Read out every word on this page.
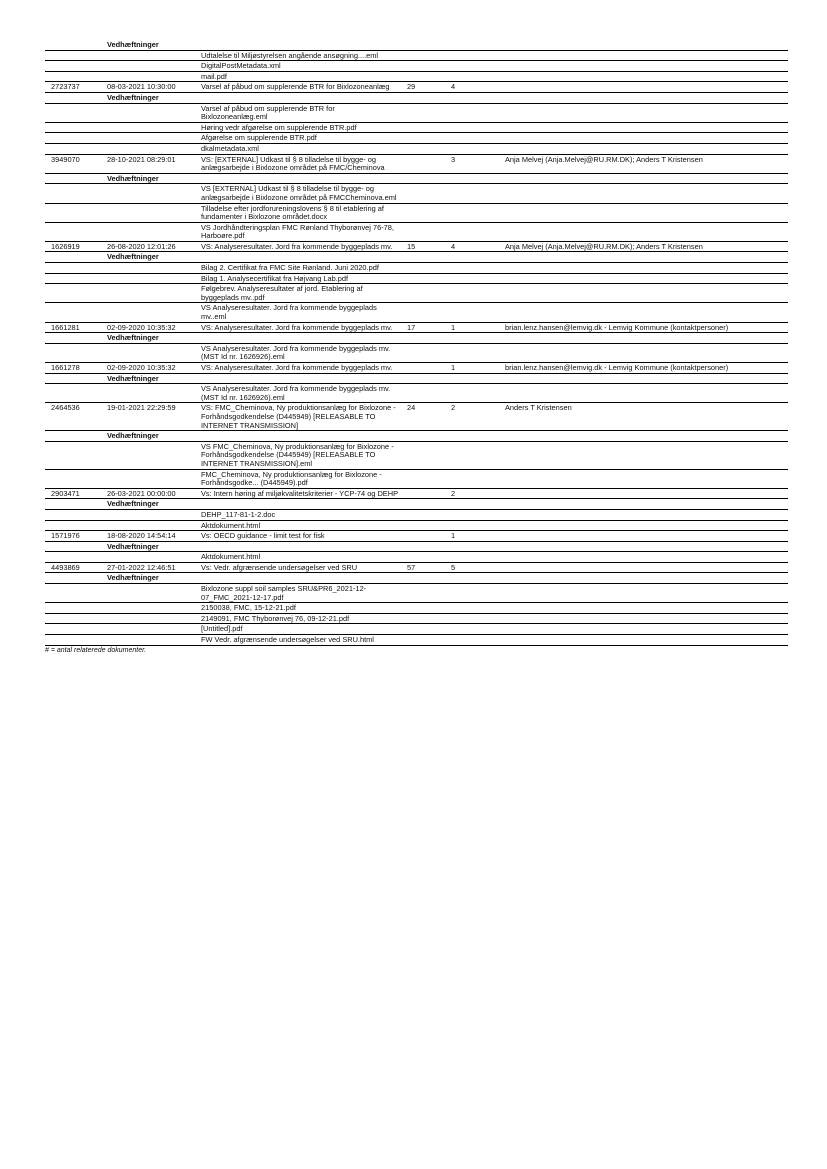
	Vedhæftninger				
		Udtalelse til Miljøstyrelsen angående ansøgning....eml			
		DigitalPostMetadata.xml			
		mail.pdf			
2723737	08-03-2021 10:30:00	Varsel af påbud om supplerende BTR for Bixlozoneanlæg	29	4	
	Vedhæftninger				
		Varsel af påbud om supplerende BTR for Bixlozoneanlæg.eml			
		Høring vedr afgørelse om supplerende BTR.pdf			
		Afgørelse om supplerende BTR.pdf			
		dkalmetadata.xml			
3949070	28-10-2021 08:29:01	VS: [EXTERNAL] Udkast til § 8 tilladelse til bygge- og anlægsarbejde i Bixlozone området på FMC/Cheminova		3	Anja Melvej (Anja.Melvej@RU.RM.DK); Anders T Kristensen
	Vedhæftninger				
		VS [EXTERNAL] Udkast til § 8 tilladelse til bygge- og anlægsarbejde i Bixlozone området på FMCCheminova.eml			
		Tilladelse efter jordforureningslovens § 8 til etablering af fundamenter i Bixlozone området.docx			
		VS Jordhåndteringsplan FMC Rønland Thyborønvej 76-78, Harboøre.pdf			
1626919	26-08-2020 12:01:26	VS: Analyseresultater. Jord fra kommende byggeplads mv.	15	4	Anja Melvej (Anja.Melvej@RU.RM.DK); Anders T Kristensen
	Vedhæftninger				
		Bilag 2. Certifikat fra FMC Site Rønland. Juni 2020.pdf			
		Bilag 1. Analysecertifikat fra Højvang Lab.pdf			
		Følgebrev. Analyseresultater af jord. Etablering af byggeplads mv..pdf			
		VS Analyseresultater. Jord fra kommende byggeplads mv..eml			
1661281	02-09-2020 10:35:32	VS: Analyseresultater. Jord fra kommende byggeplads mv.	17	1	brian.lenz.hansen@lemvig.dk - Lemvig Kommune (kontaktpersoner)
	Vedhæftninger				
		VS Analyseresultater. Jord fra kommende byggeplads mv. (MST Id nr. 1626926).eml			
1661278	02-09-2020 10:35:32	VS: Analyseresultater. Jord fra kommende byggeplads mv.		1	brian.lenz.hansen@lemvig.dk - Lemvig Kommune (kontaktpersoner)
	Vedhæftninger				
		VS Analyseresultater. Jord fra kommende byggeplads mv. (MST Id nr. 1626926).eml			
2464536	19-01-2021 22:29:59	VS: FMC_Cheminova, Ny produktionsanlæg for Bixlozone - Forhåndsgodkendelse (D445949) [RELEASABLE TO INTERNET TRANSMISSION]	24	2	Anders T Kristensen
	Vedhæftninger				
		VS FMC_Cheminova, Ny produktionsanlæg for Bixlozone - Forhåndsgodkendelse (D445949) [RELEASABLE TO INTERNET TRANSMISSION].eml			
		FMC_Cheminova, Ny produktionsanlæg for Bixlozone - Forhåndsgodke... (D445949).pdf			
2903471	26-03-2021 00:00:00	Vs: Intern høring af miljøkvalitetskriterier - YCP-74 og DEHP		2	
	Vedhæftninger				
		DEHP_117-81-1-2.doc			
		Aktdokument.html			
1571976	18-08-2020 14:54:14	Vs: OECD guidance - limit test for fisk		1	
	Vedhæftninger				
		Aktdokument.html			
4493869	27-01-2022 12:46:51	Vs: Vedr. afgrænsende undersøgelser ved SRU	57	5	
	Vedhæftninger				
		Bixlozone suppl soil samples SRU&PR6_2021-12-07_FMC_2021-12-17.pdf			
		2150038, FMC, 15-12-21.pdf			
		2149091, FMC Thyborønvej 76, 09-12-21.pdf			
		[Untitled].pdf			
		FW Vedr. afgrænsende undersøgelser ved SRU.html			
# = antal relaterede dokumenter.
